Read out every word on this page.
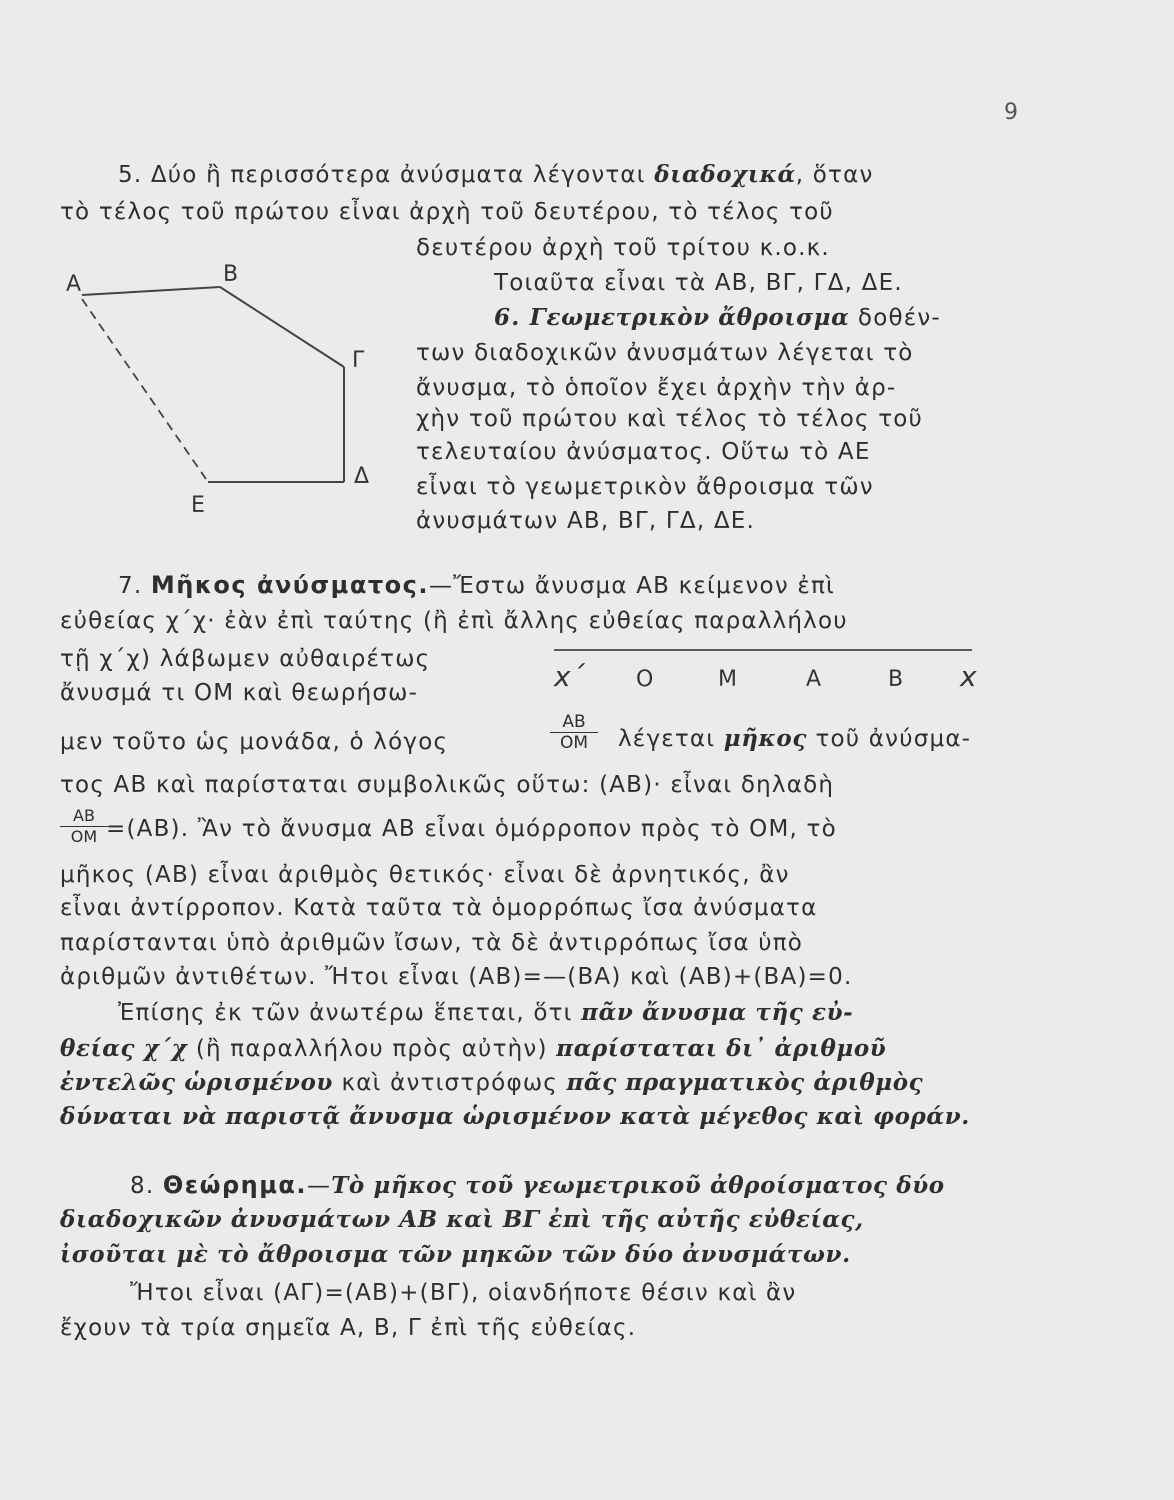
9
5. Δύο ἢ περισσότερα ἀνύσματα λέγονται διαδοχικά, ὅταν
τὸ τέλος τοῦ πρώτου εἶναι ἀρχὴ τοῦ δευτέρου, τὸ τέλος τοῦ
δευτέρου ἀρχὴ τοῦ τρίτου κ.ο.κ.
Τοιαῦτα εἶναι τὰ ΑΒ, ΒΓ, ΓΔ, ΔΕ.
6. Γεωμετρικὸν ἄθροισμα δοθέν-
των διαδοχικῶν ἀνυσμάτων λέγεται τὸ
ἄνυσμα, τὸ ὁποῖον ἔχει ἀρχὴν τὴν ἀρ-
χὴν τοῦ πρώτου καὶ τέλος τὸ τέλος τοῦ
τελευταίου ἀνύσματος. Οὕτω τὸ ΑΕ
εἶναι τὸ γεωμετρικὸν ἄθροισμα τῶν
ἀνυσμάτων ΑΒ, ΒΓ, ΓΔ, ΔΕ.
Α	Β
Γ
Δ
Ε
7. Μῆκος ἀνύσματος.—Ἔστω ἄνυσμα ΑΒ κείμενον ἐπὶ
εὐθείας χ΄χ· ἐὰν ἐπὶ ταύτης (ἢ ἐπὶ ἄλλης εὐθείας παραλλήλου
τῇ χ΄χ) λάβωμεν αὐθαιρέτως
ἄνυσμά τι ΟΜ καὶ θεωρήσω-	x΄ Ο	Μ	Α	Β x
μεν τοῦτο ὡς μονάδα, ὁ λόγος	$\frac{AB}{OM}$ λέγεται μῆκος τοῦ ἀνύσμα-
τος ΑΒ καὶ παρίσταται συμβολικῶς οὕτω: (ΑΒ)· εἶναι δηλαδὴ
$\frac{AB}{OM}$
=(ΑΒ). Ἂν τὸ ἄνυσμα ΑΒ εἶναι ὁμόρροπον πρὸς τὸ ΟΜ, τὸ
μῆκος (ΑΒ) εἶναι ἀριθμὸς θετικός· εἶναι δὲ ἀρνητικός, ἂν
εἶναι ἀντίρροπον. Κατὰ ταῦτα τὰ ὁμορρόπως ἴσα ἀνύσματα
παρίστανται ὑπὸ ἀριθμῶν ἴσων, τὰ δὲ ἀντιρρόπως ἴσα ὑπὸ
ἀριθμῶν ἀντιθέτων. Ἤτοι εἶναι (ΑΒ)=—(ΒΑ) καὶ (ΑΒ)+(ΒΑ)=0.
Ἐπίσης ἐκ τῶν ἀνωτέρω ἕπεται, ὅτι πᾶν ἄνυσμα τῆς εὐ-
θείας χ΄χ (ἢ παραλλήλου πρὸς αὐτὴν) παρίσταται δι᾿ ἀριθμοῦ
ἐντελῶς ὡρισμένου καὶ ἀντιστρόφως πᾶς πραγματικὸς ἀριθμὸς
δύναται νὰ παριστᾷ ἄνυσμα ὡρισμένον κατὰ μέγεθος καὶ φοράν.
8. Θεώρημα.—Τὸ μῆκος τοῦ γεωμετρικοῦ ἀθροίσματος δύο
διαδοχικῶν ἀνυσμάτων ΑΒ καὶ ΒΓ ἐπὶ τῆς αὐτῆς εὐθείας,
ἰσοῦται μὲ τὸ ἄθροισμα τῶν μηκῶν τῶν δύο ἀνυσμάτων.
Ἤτοι εἶναι (ΑΓ)=(ΑΒ)+(ΒΓ), οἱανδήποτε θέσιν καὶ ἂν
ἔχουν τὰ τρία σημεῖα Α, Β, Γ ἐπὶ τῆς εὐθείας.
